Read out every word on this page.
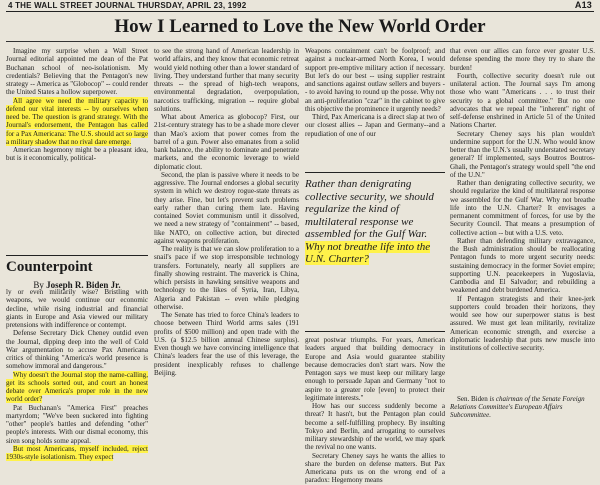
4 THE WALL STREET JOURNAL THURSDAY, APRIL 23, 1992	A13
How I Learned to Love the New World Order

Imagine my surprise when a Wall Street Journal editorial appointed me dean of the Pat Buchanan school of neo-isolationism. My credentials? Believing that the Pentagon's new strategy -- America as "Globocop" -- could render the United States a hollow superpower.

All agree we need the military capacity to defend our vital interests -- by ourselves when need be. The question is grand strategy. With the Journal's endorsement, the Pentagon has called for a Pax Americana: The U.S. should act so large a military shadow that no rival dare emerge.

American hegemony might be a pleasant idea, but is it economically, political-

Counterpoint
By Joseph R. Biden Jr.

ly or even militarily wise? Bristling with weapons, we would continue our economic decline, while rising industrial and financial giants in Europe and Asia viewed our military pretensions with indifference or contempt.

Defense Secretary Dick Cheney outdid even the Journal, dipping deep into the well of Cold War argumentation to accuse Pax Americana critics of thinking "America's world presence is somehow immoral and dangerous."

Why doesn't the Journal stop the name-calling, get its schools sorted out, and court an honest debate over America's proper role in the new world order?

Pat Buchanan's "America First" preaches martyrdom; "We've been suckered into fighting "other" people's battles and defending "other" people's interests. With our dismal economy, this siren song holds some appeal.

But most Americans, myself included, reject 1930s-style isolationism. They expect

to see the strong hand of American leadership in world affairs, and they know that economic retreat would yield nothing other than a lower standard of living. They understand further that many security threats -- the spread of high-tech weapons, environmental degradation, overpopulation, narcotics trafficking, migration -- require global solutions.

What about America as globocop? First, our 21st-century strategy has to be a shade more clever than Mao's axiom that power comes from the barrel of a gun. Power also emanates from a solid bank balance, the ability to dominate and penetrate markets, and the economic leverage to wield diplomatic clout.

Second, the plan is passive where it needs to be aggressive. The Journal endorses a global security system in which we destroy rogue-state threats as they arise. Fine, but let's prevent such problems early rather than curing them late. Having contained Soviet communism until it dissolved, we need a new strategy of "containment" -- based, like NATO, on collective action, but directed against weapons proliferation.

The reality is that we can slow proliferation to a snail's pace if we stop irresponsible technology transfers. Fortunately, nearly all suppliers are finally showing restraint. The maverick is China, which persists in hawking sensitive weapons and technology to the likes of Syria, Iran, Libya, Algeria and Pakistan -- even while pledging otherwise.

The Senate has tried to force China's leaders to choose between Third World arms sales (191 profits of $500 million) and open trade with the U.S. (a $12.5 billion annual Chinese surplus). Even though we have convincing intelligence that China's leaders fear the use of this leverage, the president inexplicably refuses to challenge Beijing.

Weapons containment can't be foolproof; and against a nuclear-armed North Korea, I would support pre-emptive military action if necessary. But let's do our best -- using supplier restraint and sanctions against outlaw sellers and buyers -- to avoid having to round up the posse. Why not an anti-proliferation "czar" in the cabinet to give this objective the prominence it urgently needs?

Third, Pax Americana is a direct slap at two of our closest allies -- Japan and Germany--and a repudiation of one of our

Rather than denigrating collective security, we should regularize the kind of multilateral response we assembled for the Gulf War. Why not breathe life into the U.N. Charter?

great postwar triumphs. For years, American leaders argued that building democracy in Europe and Asia would guarantee stability because democracies don't start wars. Now the Pentagon says we must keep our military large enough to persuade Japan and Germany "not to aspire to a greater role [even] to protect their legitimate interests."

How has our success suddenly become a threat? It hasn't, but the Pentagon plan could become a self-fulfilling prophecy. By insulting Tokyo and Berlin, and arrogating to ourselves military stewardship of the world, we may spark the revival no one wants.

Secretary Cheney says he wants the allies to share the burden on defense matters. But Pax Americana puts us on the wrong end of a paradox: Hegemony means

that even our allies can force ever greater U.S. defense spending the more they try to share the burden!

Fourth, collective security doesn't rule out unilateral action. The Journal says I'm among those who want "Americans . . . to trust their security to a global committee." But no one advocates that we repeal the "inherent" right of self-defense enshrined in Article 51 of the United Nations Charter.

Secretary Cheney says his plan wouldn't undermine support for the U.N. Who would know better than the U.N.'s usually understated secretary general? If implemented, says Boutros Boutros-Ghali, the Pentagon's strategy would spell "the end of the U.N."

Rather than denigrating collective security, we should regularize the kind of multilateral response we assembled for the Gulf War. Why not breathe life into the U.N. Charter? It envisages a permanent commitment of forces, for use by the Security Council. That means a presumption of collective action -- but with a U.S. veto.

Rather than defending military extravagance, the Bush administration should be reallocating Pentagon funds to more urgent security needs: sustaining democracy in the former Soviet empire; supporting U.N. peacekeepers in Yugoslavia, Cambodia and El Salvador; and rebuilding a weakened and debt burdened America.

If Pentagon strategists and their knee-jerk supporters could broaden their horizons, they would see how our superpower status is best assured. We must get lean militarily, revitalize American economic strength, and exercise a diplomatic leadership that puts new muscle into institutions of collective security.

Sen. Biden is chairman of the Senate Foreign Relations Committee's European Affairs Subcommittee.
